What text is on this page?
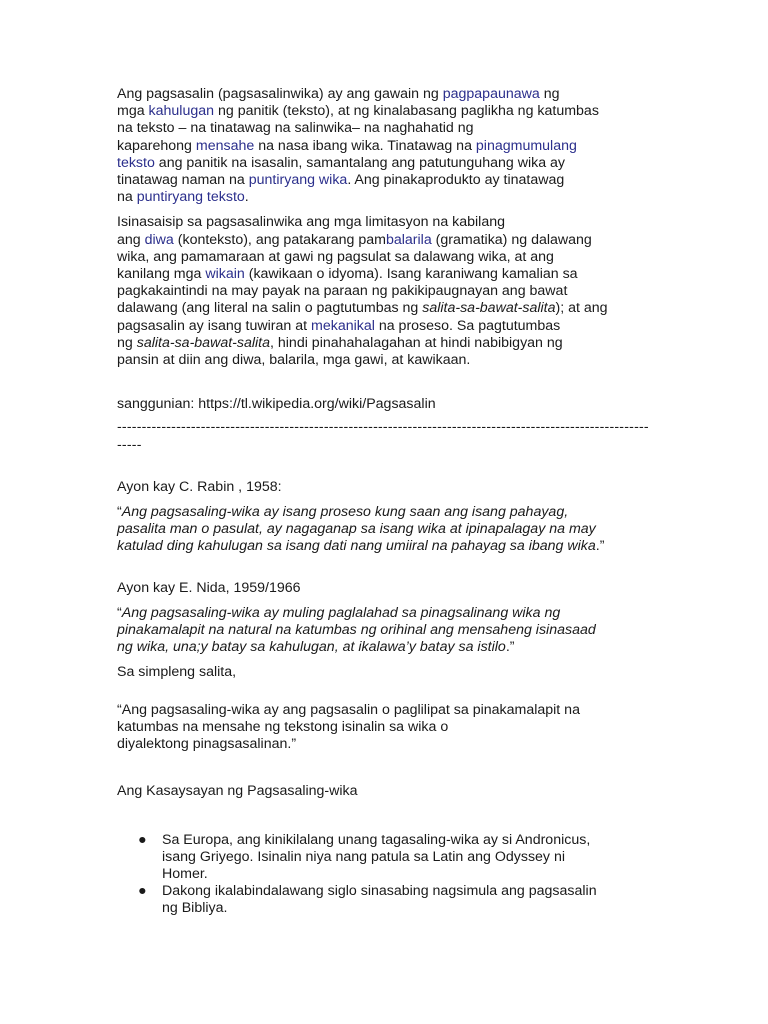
Ang pagsasalin (pagsasalinwika) ay ang gawain ng pagpapaunawa ng
mga kahulugan ng panitik (teksto), at ng kinalabasang paglikha ng katumbas
na teksto – na tinatawag na salinwika– na naghahatid ng
kaparehong mensahe na nasa ibang wika. Tinatawag na pinagmumulang
teksto ang panitik na isasalin, samantalang ang patutunguhang wika ay
tinatawag naman na puntiryang wika. Ang pinakaprodukto ay tinatawag
na puntiryang teksto.

Isinasaisip sa pagsasalinwika ang mga limitasyon na kabilang
ang diwa (konteksto), ang patakarang pambalarila (gramatika) ng dalawang
wika, ang pamamaraan at gawi ng pagsulat sa dalawang wika, at ang
kanilang mga wikain (kawikaan o idyoma). Isang karaniwang kamalian sa
pagkakaintindi na may payak na paraan ng pakikipaugnayan ang bawat
dalawang (ang literal na salin o pagtutumbas ng salita-sa-bawat-salita); at ang
pagsasalin ay isang tuwiran at mekanikal na proseso. Sa pagtutumbas
ng salita-sa-bawat-salita, hindi pinahahalagahan at hindi nabibigyan ng
pansin at diin ang diwa, balarila, mga gawi, at kawikaan.

sanggunian: https://tl.wikipedia.org/wiki/Pagsasalin

-----------------------------------------------------------------------------------------------------------------

Ayon kay C. Rabin , 1958:

“Ang pagsasaling-wika ay isang proseso kung saan ang isang pahayag,
pasalita man o pasulat, ay nagaganap sa isang wika at ipinapalagay na may
katulad ding kahulugan sa isang dati nang umiiral na pahayag sa ibang wika.”

Ayon kay E. Nida, 1959/1966

“Ang pagsasaling-wika ay muling paglalahad sa pinagsalinang wika ng
pinakamalapit na natural na katumbas ng orihinal ang mensaheng isinasaad
ng wika, una;y batay sa kahulugan, at ikalawa’y batay sa istilo.”

Sa simpleng salita,

“Ang pagsasaling-wika ay ang pagsasalin o paglilipat sa pinakamalapit na
katumbas na mensahe ng tekstong isinalin sa wika o
diyalektong pinagsasalinan.”

Ang Kasaysayan ng Pagsasaling-wika

● Sa Europa, ang kinikilalang unang tagasaling-wika ay si Andronicus,
isang Griyego. Isinalin niya nang patula sa Latin ang Odyssey ni
Homer.
● Dakong ikalabindalawang siglo sinasabing nagsimula ang pagsasalin
ng Bibliya.
